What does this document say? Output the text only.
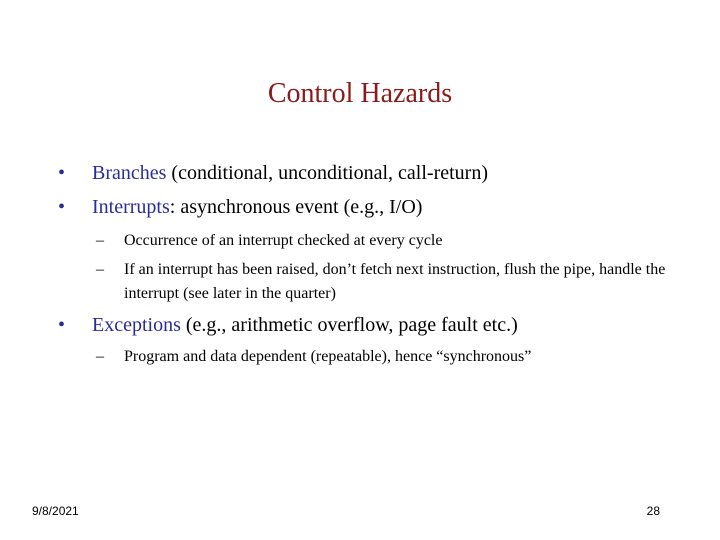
Control Hazards
• Branches (conditional, unconditional, call-return)
• Interrupts: asynchronous event (e.g., I/O)
–	Occurrence of an interrupt checked at every cycle
–	If an interrupt has been raised, don’t fetch next instruction, flush the pipe, handle the interrupt (see later in the quarter)
• Exceptions (e.g., arithmetic overflow, page fault etc.)
–	Program and data dependent (repeatable), hence “synchronous”
9/8/2021	28
